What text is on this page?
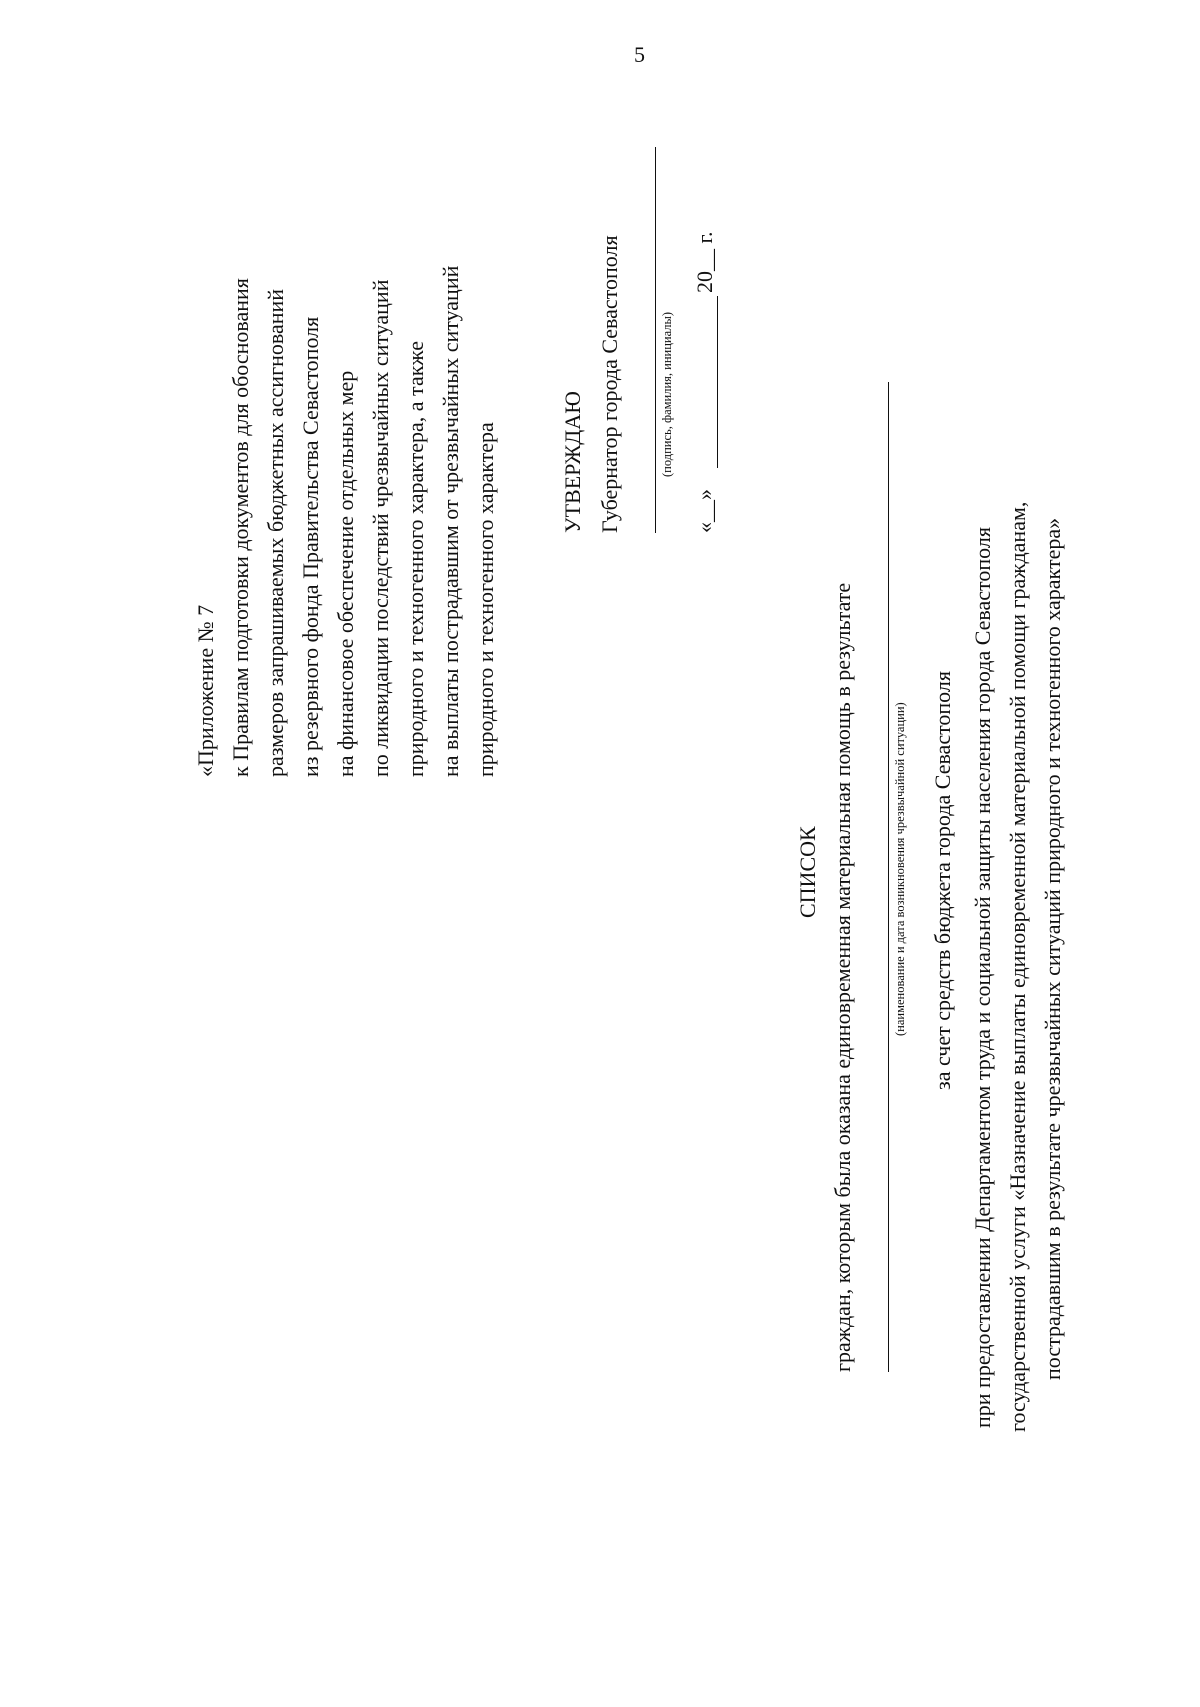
5
«Приложение № 7 к Правилам подготовки документов для обоснования размеров запрашиваемых бюджетных ассигнований из резервного фонда Правительства Севастополя на финансовое обеспечение отдельных мер по ликвидации последствий чрезвычайных ситуаций природного и техногенного характера, а также на выплаты пострадавшим от чрезвычайных ситуаций природного и техногенного характера	УТВЕРЖДАЮ Губернатор города Севастополя	(подпись, фамилия, инициалы)
«__»
20__ г.
СПИСОК граждан, которым была оказана единовременная материальная помощь в результате	(наименование и дата возникновения чрезвычайной ситуации) за счет средств бюджета города Севастополя при предоставлении Департаментом труда и социальной защиты населения города Севастополя государственной услуги «Назначение выплаты единовременной материальной помощи гражданам, пострадавшим в результате чрезвычайных ситуаций природного и техногенного характера»
